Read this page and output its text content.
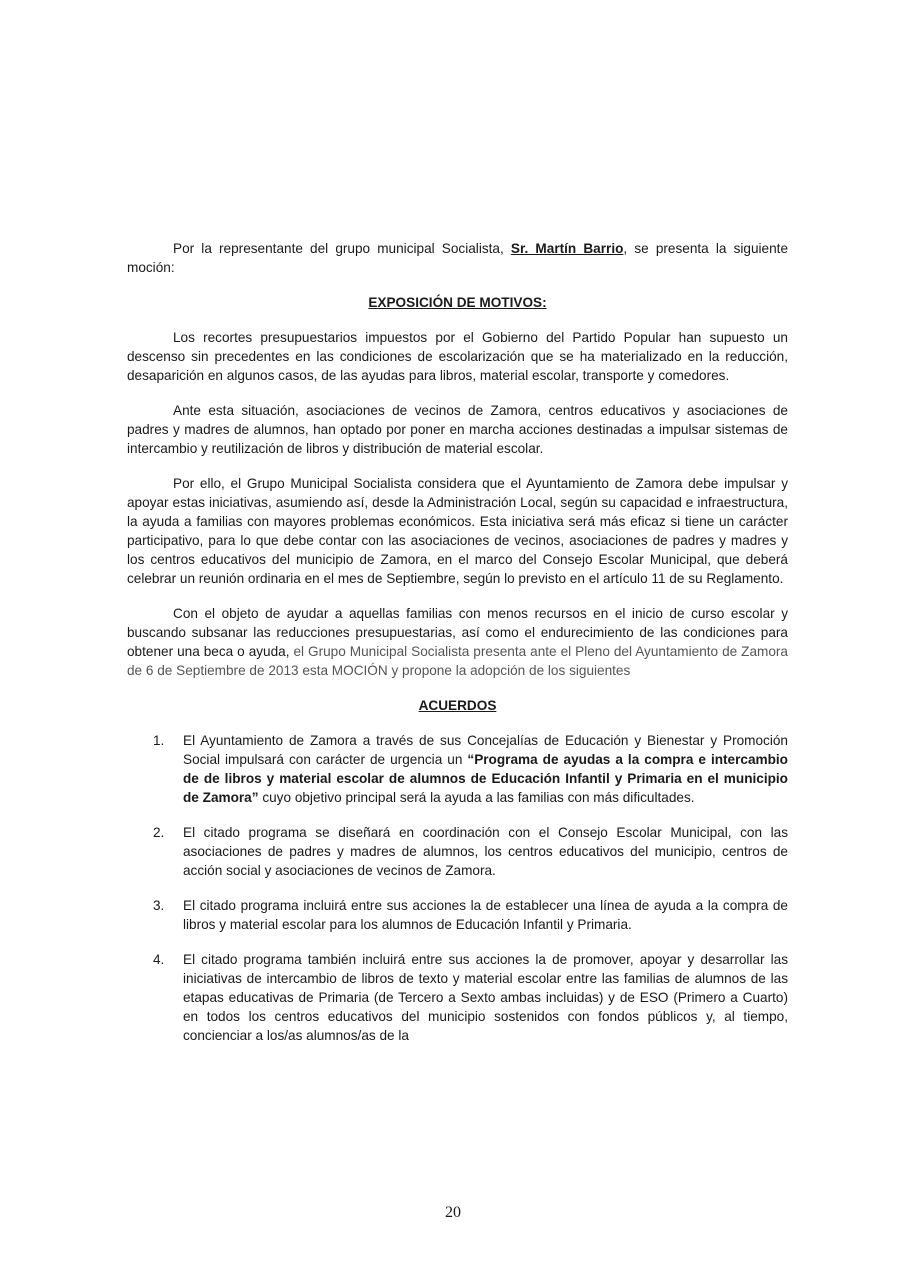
Por la representante del grupo municipal Socialista, Sr. Martín Barrio, se presenta la siguiente moción:

EXPOSICIÓN DE MOTIVOS:

Los recortes presupuestarios impuestos por el Gobierno del Partido Popular han supuesto un descenso sin precedentes en las condiciones de escolarización que se ha materializado en la reducción, desaparición en algunos casos, de las ayudas para libros, material escolar, transporte y comedores.

Ante esta situación, asociaciones de vecinos de Zamora, centros educativos y asociaciones de padres y madres de alumnos, han optado por poner en marcha acciones destinadas a impulsar sistemas de intercambio y reutilización de libros y distribución de material escolar.

Por ello, el Grupo Municipal Socialista considera que el Ayuntamiento de Zamora debe impulsar y apoyar estas iniciativas, asumiendo así, desde la Administración Local, según su capacidad e infraestructura, la ayuda a familias con mayores problemas económicos. Esta iniciativa será más eficaz si tiene un carácter participativo, para lo que debe contar con las asociaciones de vecinos, asociaciones de padres y madres y los centros educativos del municipio de Zamora, en el marco del Consejo Escolar Municipal, que deberá celebrar un reunión ordinaria en el mes de Septiembre, según lo previsto en el artículo 11 de su Reglamento.

Con el objeto de ayudar a aquellas familias con menos recursos en el inicio de curso escolar y buscando subsanar las reducciones presupuestarias, así como el endurecimiento de las condiciones para obtener una beca o ayuda, el Grupo Municipal Socialista presenta ante el Pleno del Ayuntamiento de Zamora de 6 de Septiembre de 2013 esta MOCIÓN y propone la adopción de los siguientes

ACUERDOS
1. El Ayuntamiento de Zamora a través de sus Concejalías de Educación y Bienestar y Promoción Social impulsará con carácter de urgencia un “Programa de ayudas a la compra e intercambio de de libros y material escolar de alumnos de Educación Infantil y Primaria en el municipio de Zamora” cuyo objetivo principal será la ayuda a las familias con más dificultades.
2. El citado programa se diseñará en coordinación con el Consejo Escolar Municipal, con las asociaciones de padres y madres de alumnos, los centros educativos del municipio, centros de acción social y asociaciones de vecinos de Zamora.
3. El citado programa incluirá entre sus acciones la de establecer una línea de ayuda a la compra de libros y material escolar para los alumnos de Educación Infantil y Primaria.
4. El citado programa también incluirá entre sus acciones la de promover, apoyar y desarrollar las iniciativas de intercambio de libros de texto y material escolar entre las familias de alumnos de las etapas educativas de Primaria (de Tercero a Sexto ambas incluidas) y de ESO (Primero a Cuarto) en todos los centros educativos del municipio sostenidos con fondos públicos y, al tiempo, concienciar a los/as alumnos/as de la
20
